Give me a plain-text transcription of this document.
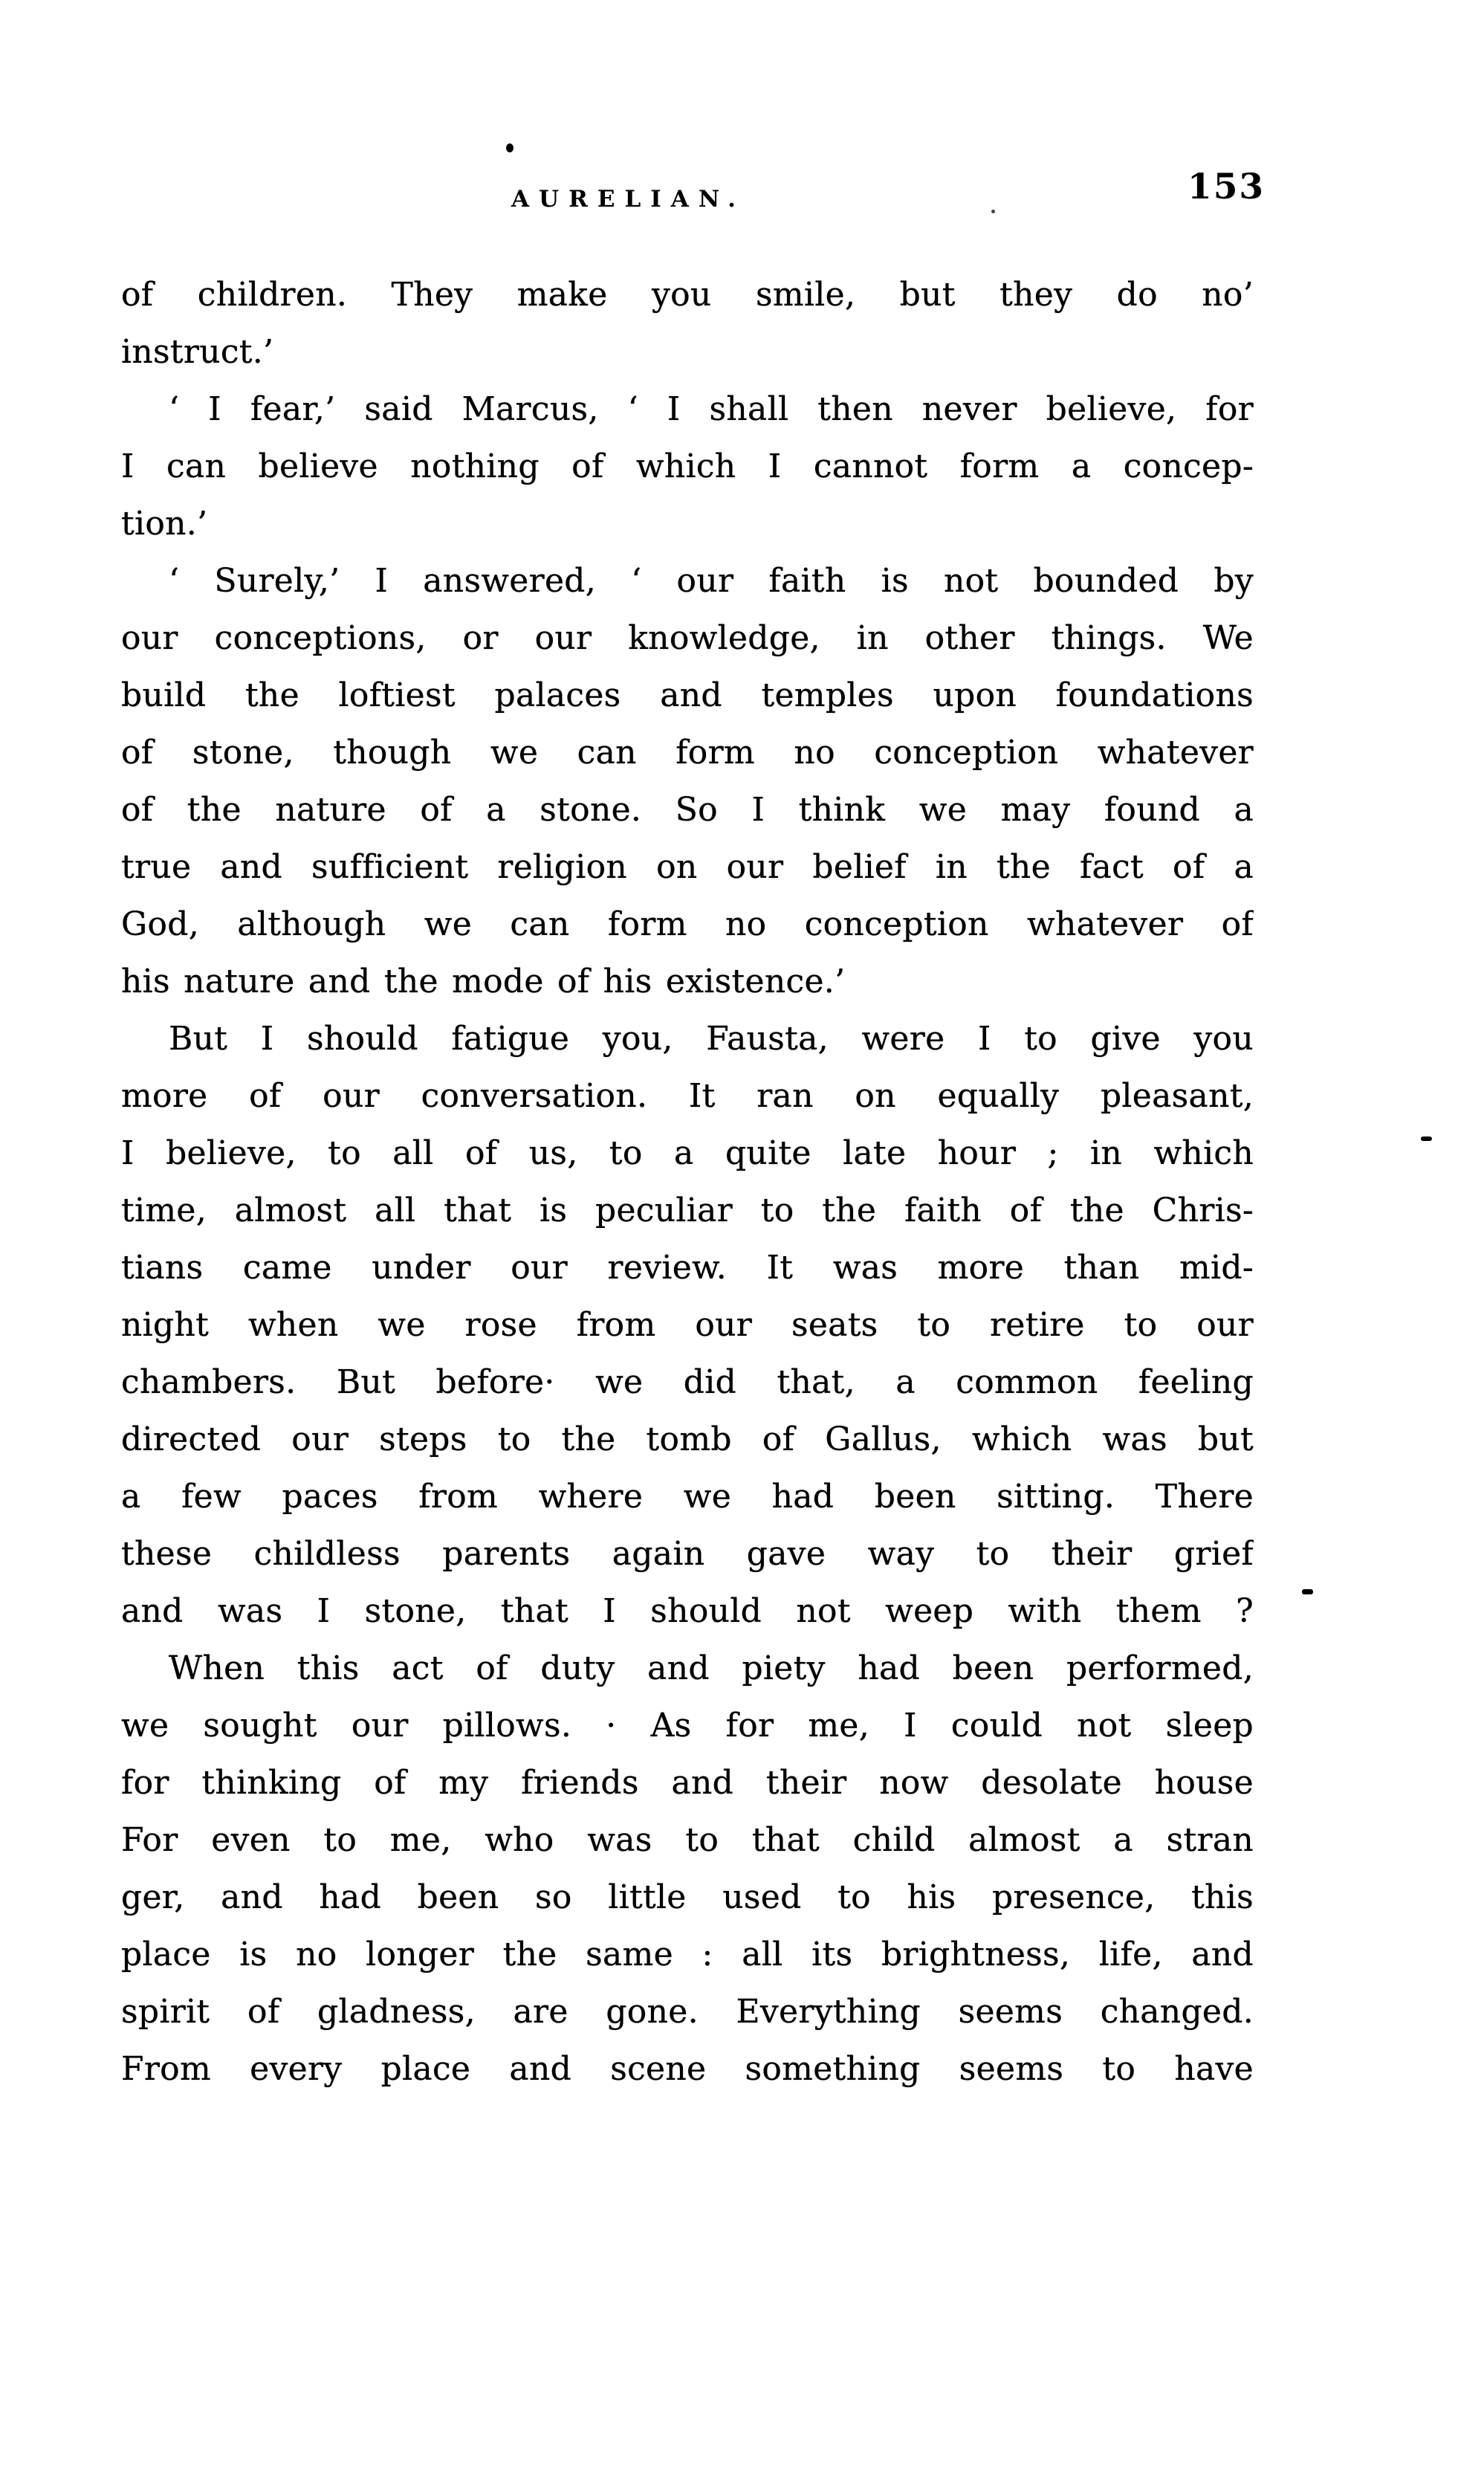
AURELIAN.	153
of children. They make you smile, but they do no’
instruct.’
‘ I fear,’ said Marcus, ‘ I shall then never believe, for
I can believe nothing of which I cannot form a concep-
tion.’
‘ Surely,’ I answered, ‘ our faith is not bounded by
our conceptions, or our knowledge, in other things. We
build the loftiest palaces and temples upon foundations
of stone, though we can form no conception whatever
of the nature of a stone. So I think we may found a
true and sufficient religion on our belief in the fact of a
God, although we can form no conception whatever of
his nature and the mode of his existence.’
But I should fatigue you, Fausta, were I to give you
more of our conversation. It ran on equally pleasant,
I believe, to all of us, to a quite late hour ; in which
time, almost all that is peculiar to the faith of the Chris-
tians came under our review. It was more than mid-
night when we rose from our seats to retire to our
chambers. But before· we did that, a common feeling
directed our steps to the tomb of Gallus, which was but
a few paces from where we had been sitting. There
these childless parents again gave way to their grief
and was I stone, that I should not weep with them ?
When this act of duty and piety had been performed,
we sought our pillows. · As for me, I could not sleep
for thinking of my friends and their now desolate house
For even to me, who was to that child almost a stran
ger, and had been so little used to his presence, this
place is no longer the same : all its brightness, life, and
spirit of gladness, are gone. Everything seems changed.
From every place and scene something seems to have
